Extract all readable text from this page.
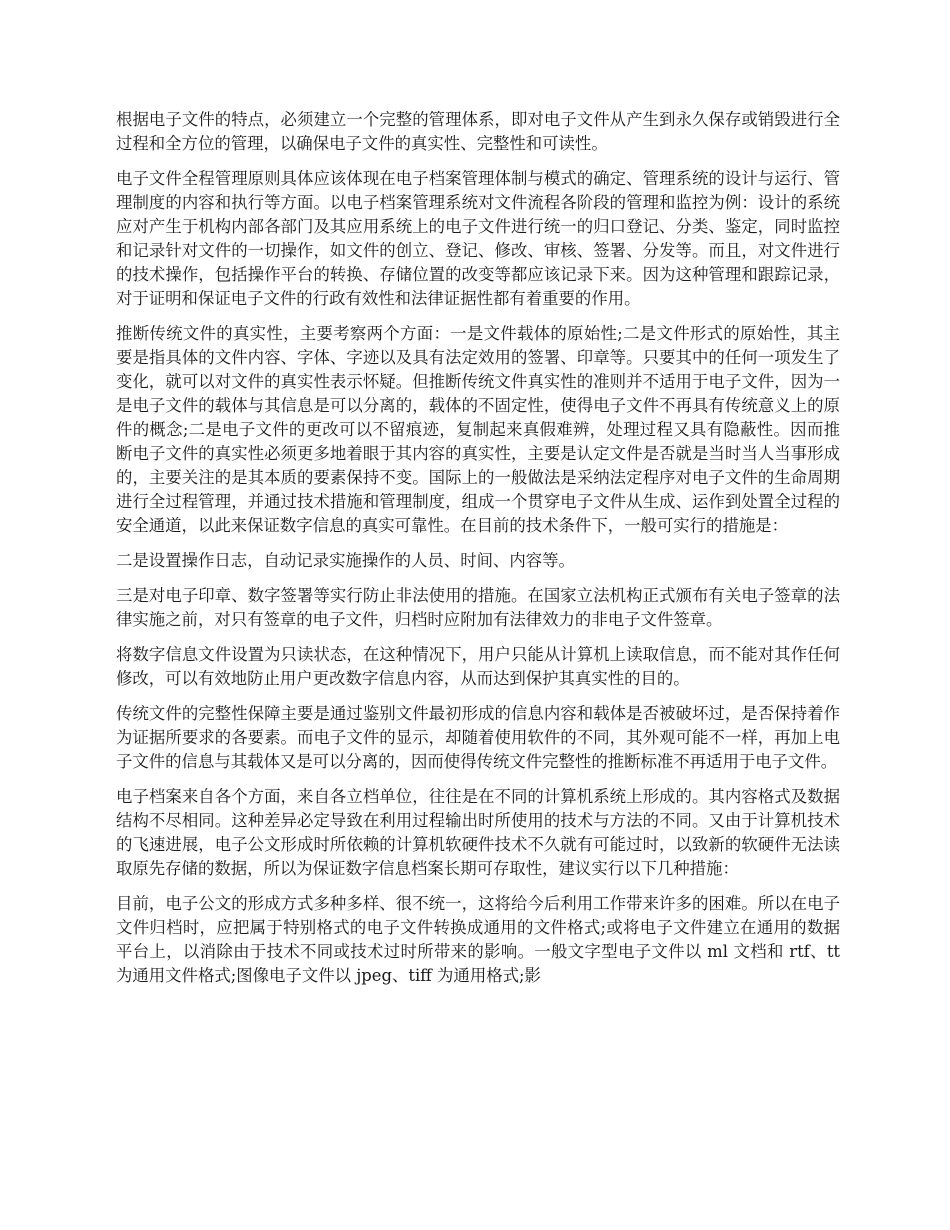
根据电子文件的特点，必须建立一个完整的管理体系，即对电子文件从产生到永久保存或销毁进行全过程和全方位的管理，以确保电子文件的真实性、完整性和可读性。

电子文件全程管理原则具体应该体现在电子档案管理体制与模式的确定、管理系统的设计与运行、管理制度的内容和执行等方面。以电子档案管理系统对文件流程各阶段的管理和监控为例：设计的系统应对产生于机构内部各部门及其应用系统上的电子文件进行统一的归口登记、分类、鉴定，同时监控和记录针对文件的一切操作，如文件的创立、登记、修改、审核、签署、分发等。而且，对文件进行的技术操作，包括操作平台的转换、存储位置的改变等都应该记录下来。因为这种管理和跟踪记录，对于证明和保证电子文件的行政有效性和法律证据性都有着重要的作用。

推断传统文件的真实性，主要考察两个方面：一是文件载体的原始性;二是文件形式的原始性，其主要是指具体的文件内容、字体、字迹以及具有法定效用的签署、印章等。只要其中的任何一项发生了变化，就可以对文件的真实性表示怀疑。但推断传统文件真实性的准则并不适用于电子文件，因为一是电子文件的载体与其信息是可以分离的，载体的不固定性，使得电子文件不再具有传统意义上的原件的概念;二是电子文件的更改可以不留痕迹，复制起来真假难辨，处理过程又具有隐蔽性。因而推断电子文件的真实性必须更多地着眼于其内容的真实性，主要是认定文件是否就是当时当人当事形成的，主要关注的是其本质的要素保持不变。国际上的一般做法是采纳法定程序对电子文件的生命周期进行全过程管理，并通过技术措施和管理制度，组成一个贯穿电子文件从生成、运作到处置全过程的安全通道，以此来保证数字信息的真实可靠性。在目前的技术条件下，一般可实行的措施是：

二是设置操作日志，自动记录实施操作的人员、时间、内容等。

三是对电子印章、数字签署等实行防止非法使用的措施。在国家立法机构正式颁布有关电子签章的法律实施之前，对只有签章的电子文件，归档时应附加有法律效力的非电子文件签章。

将数字信息文件设置为只读状态，在这种情况下，用户只能从计算机上读取信息，而不能对其作任何修改，可以有效地防止用户更改数字信息内容，从而达到保护其真实性的目的。

传统文件的完整性保障主要是通过鉴别文件最初形成的信息内容和载体是否被破坏过，是否保持着作为证据所要求的各要素。而电子文件的显示，却随着使用软件的不同，其外观可能不一样，再加上电子文件的信息与其载体又是可以分离的，因而使得传统文件完整性的推断标准不再适用于电子文件。

电子档案来自各个方面，来自各立档单位，往往是在不同的计算机系统上形成的。其内容格式及数据结构不尽相同。这种差异必定导致在利用过程输出时所使用的技术与方法的不同。又由于计算机技术的飞速进展，电子公文形成时所依赖的计算机软硬件技术不久就有可能过时，以致新的软硬件无法读取原先存储的数据，所以为保证数字信息档案长期可存取性，建议实行以下几种措施：

目前，电子公文的形成方式多种多样、很不统一，这将给今后利用工作带来许多的困难。所以在电子文件归档时，应把属于特别格式的电子文件转换成通用的文件格式;或将电子文件建立在通用的数据平台上，以消除由于技术不同或技术过时所带来的影响。一般文字型电子文件以 ml 文档和 rtf、tt 为通用文件格式;图像电子文件以 jpeg、tiff 为通用格式;影
